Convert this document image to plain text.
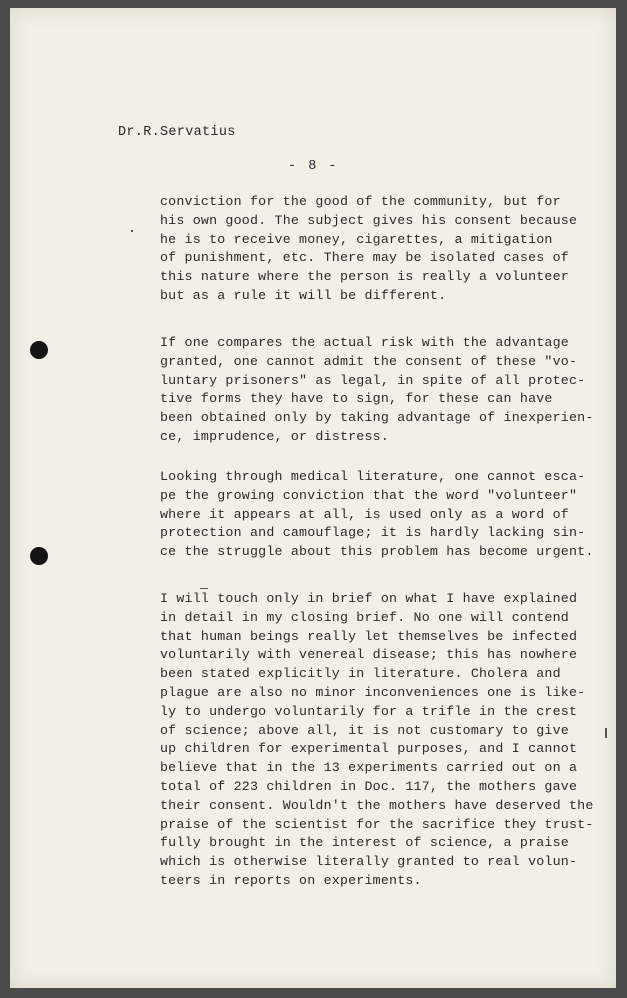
Dr.R.Servatius
- 8 -
conviction for the good of the community, but for
his own good. The subject gives his consent because
he is to receive money, cigarettes, a mitigation
of punishment, etc. There may be isolated cases of
this nature where the person is really a volunteer
but as a rule it will be different.
If one compares the actual risk with the advantage
granted, one cannot admit the consent of these "vo-
luntary prisoners" as legal, in spite of all protec-
tive forms they have to sign, for these can have
been obtained only by taking advantage of inexperien-
ce, imprudence, or distress.
Looking through medical literature, one cannot esca-
pe the growing conviction that the word "volunteer"
where it appears at all, is used only as a word of
protection and camouflage; it is hardly lacking sin-
ce the struggle about this problem has become urgent.
I will touch only in brief on what I have explained
in detail in my closing brief. No one will contend
that human beings really let themselves be infected
voluntarily with venereal disease; this has nowhere
been stated explicitly in literature. Cholera and
plague are also no minor inconveniences one is like-
ly to undergo voluntarily for a trifle in the crest
of science; above all, it is not customary to give
up children for experimental purposes, and I cannot
believe that in the 13 experiments carried out on a
total of 223 children in Doc. 117, the mothers gave
their consent. Wouldn't the mothers have deserved the
praise of the scientist for the sacrifice they trust-
fully brought in the interest of science, a praise
which is otherwise literally granted to real volun-
teers in reports on experiments.
